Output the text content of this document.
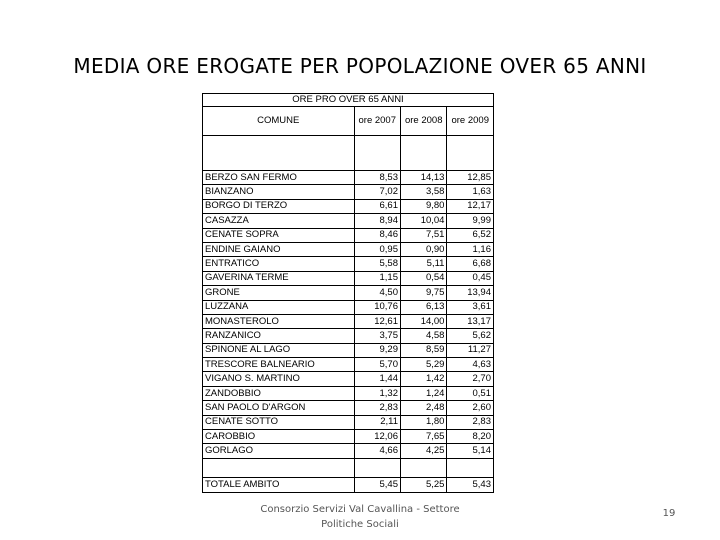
MEDIA ORE EROGATE PER POPOLAZIONE OVER 65 ANNI
ORE PRO OVER 65 ANNI			
COMUNE	ore 2007	ore 2008	ore 2009

BERZO SAN FERMO	8,53	14,13	12,85
BIANZANO	7,02	3,58	1,63
BORGO DI TERZO	6,61	9,80	12,17
CASAZZA	8,94	10,04	9,99
CENATE SOPRA	8,46	7,51	6,52
ENDINE GAIANO	0,95	0,90	1,16
ENTRATICO	5,58	5,11	6,68
GAVERINA TERME	1,15	0,54	0,45
GRONE	4,50	9,75	13,94
LUZZANA	10,76	6,13	3,61
MONASTEROLO	12,61	14,00	13,17
RANZANICO	3,75	4,58	5,62
SPINONE AL LAGO	9,29	8,59	11,27
TRESCORE BALNEARIO	5,70	5,29	4,63
VIGANO S. MARTINO	1,44	1,42	2,70
ZANDOBBIO	1,32	1,24	0,51
SAN PAOLO D'ARGON	2,83	2,48	2,60
CENATE SOTTO	2,11	1,80	2,83
CAROBBIO	12,06	7,65	8,20
GORLAGO	4,66	4,25	5,14

TOTALE AMBITO	5,45	5,25	5,43
Consorzio Servizi Val Cavallina - Settore Politiche Sociali
19
